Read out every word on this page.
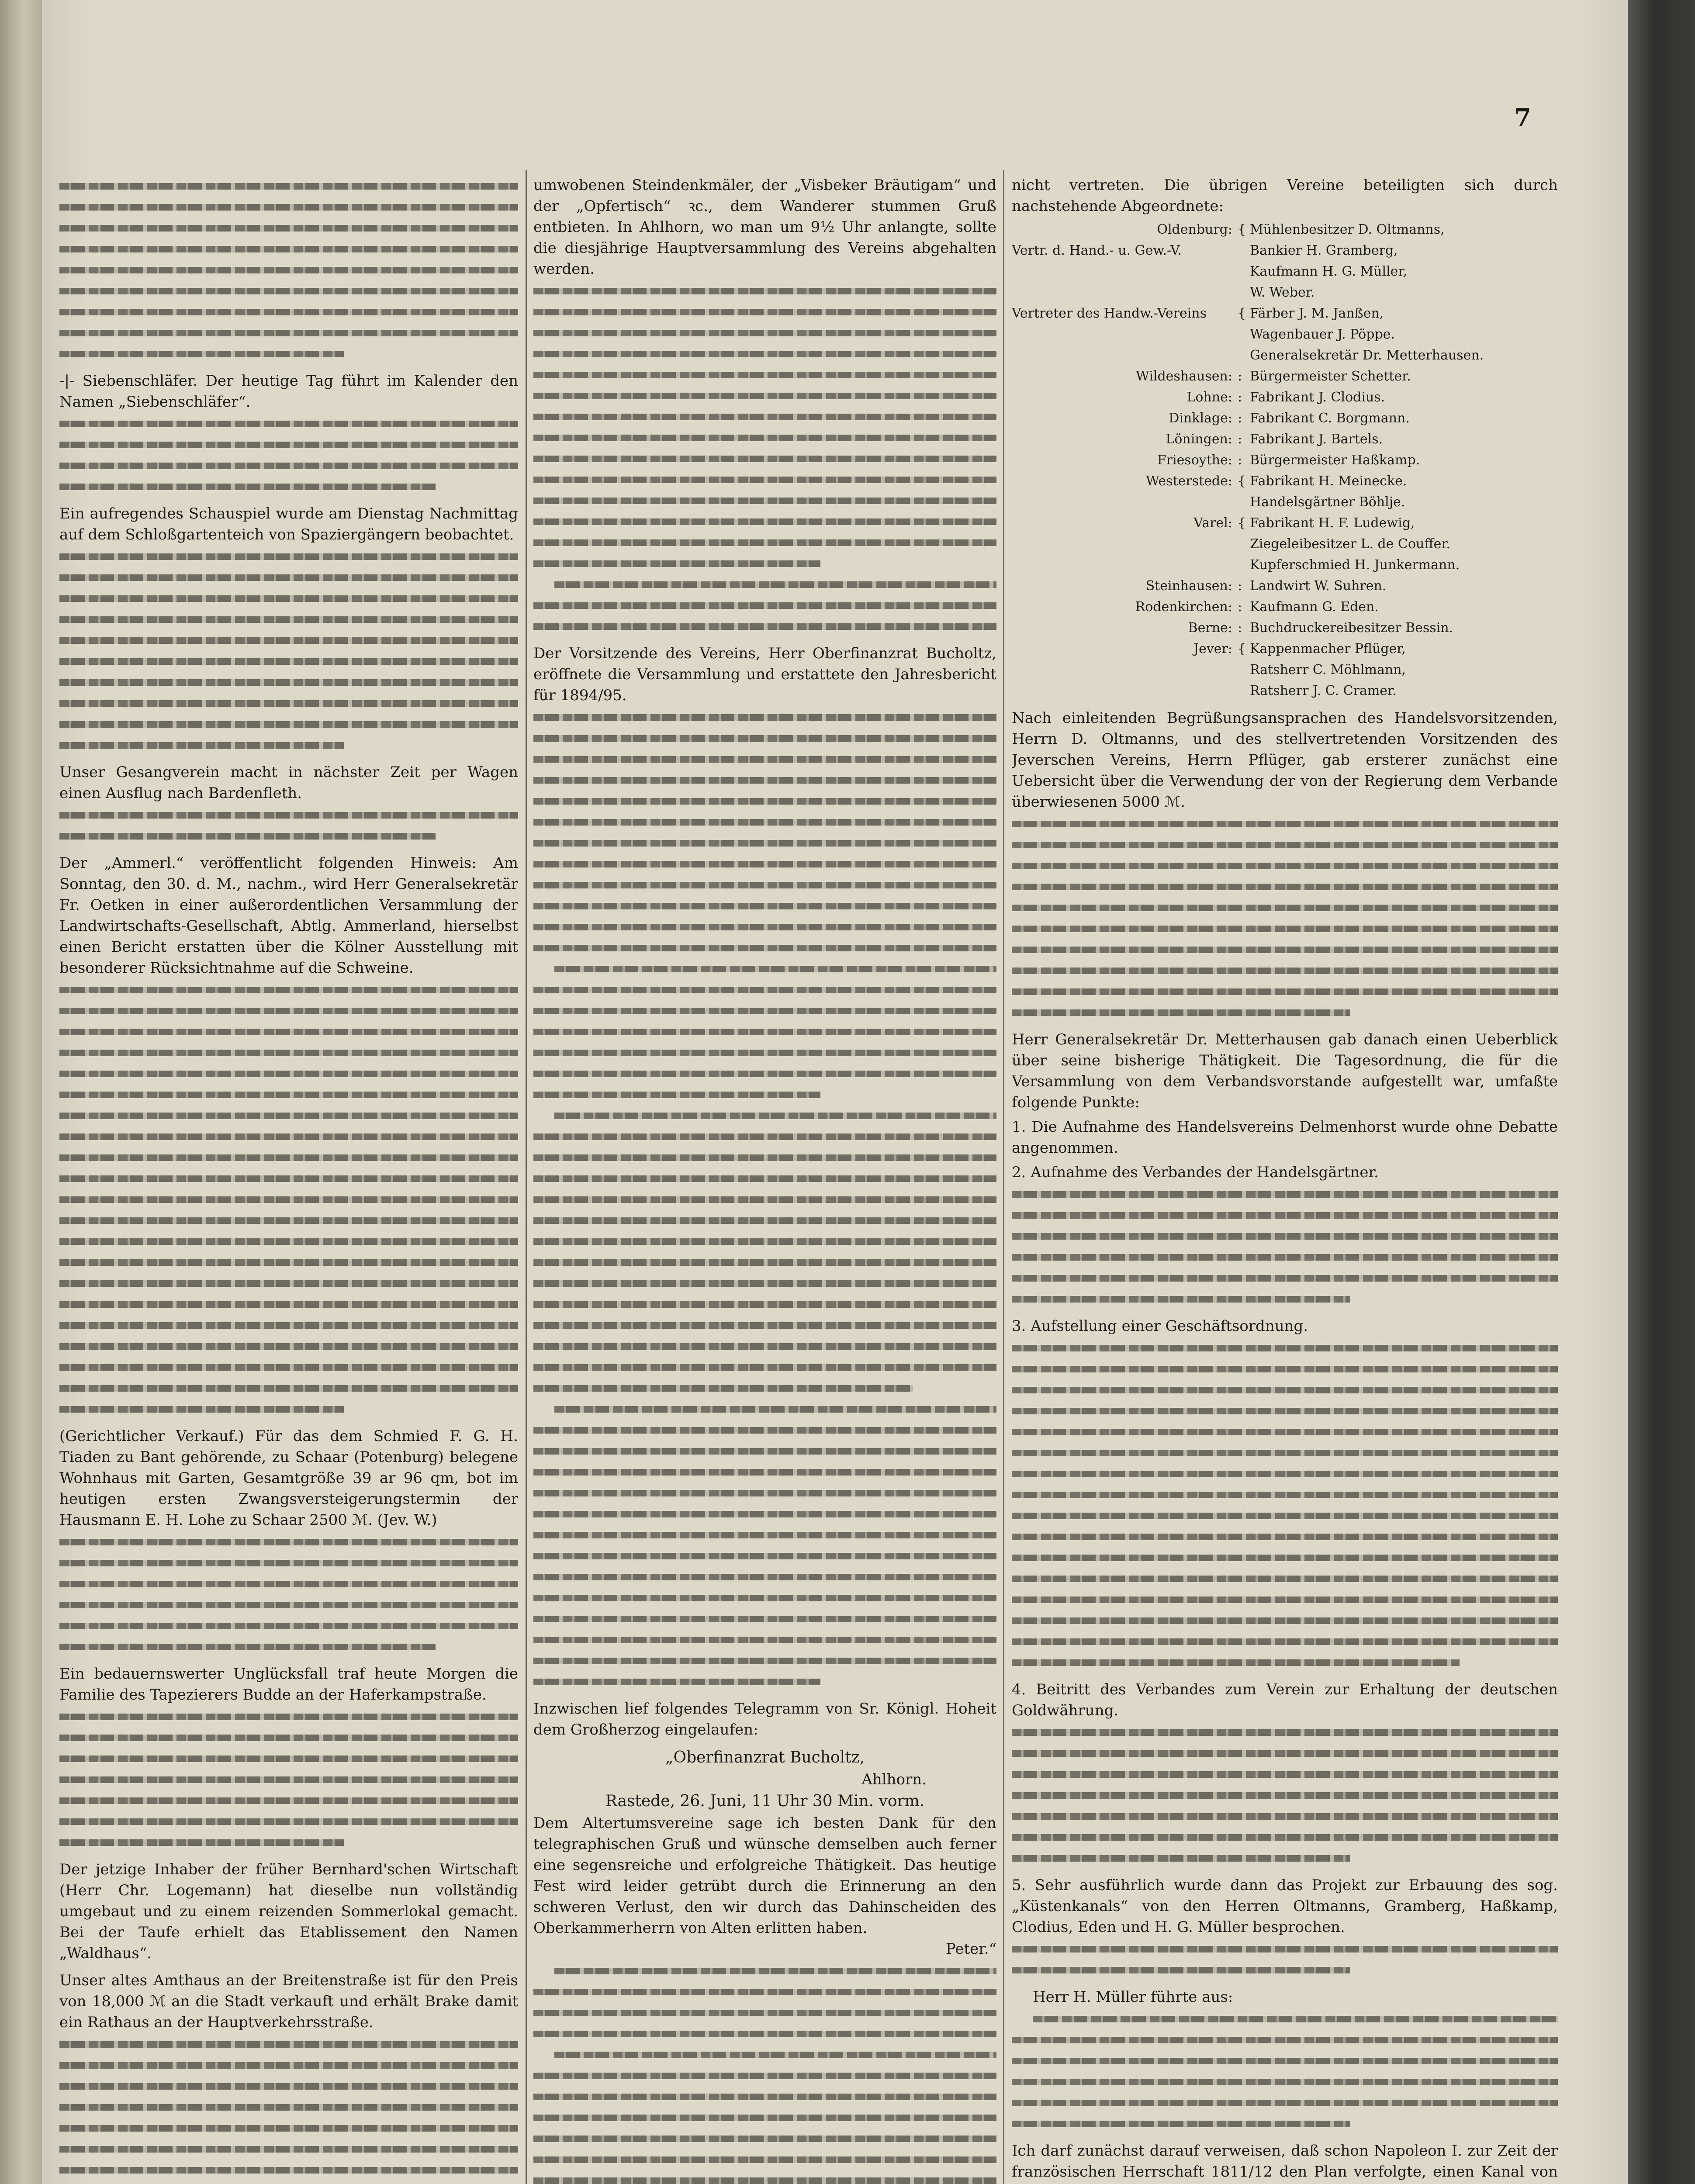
7

-|- Siebenschläfer. Der heutige Tag führt im Kalender den Namen „Siebenschläfer“.

Ein aufregendes Schauspiel wurde am Dienstag Nachmittag auf dem Schloßgartenteich von Spaziergängern beobachtet.

Unser Gesangverein macht in nächster Zeit per Wagen einen Ausflug nach Bardenfleth.

Der „Ammerl.“ veröffentlicht folgenden Hinweis: Am Sonntag, den 30. d. M., nachm., wird Herr Generalsekretär Fr. Oetken in einer außerordentlichen Versammlung der Landwirtschafts-Gesellschaft, Abtlg. Ammerland, hierselbst einen Bericht erstatten über die Kölner Ausstellung mit besonderer Rücksichtnahme auf die Schweine.

(Gerichtlicher Verkauf.) Für das dem Schmied F. G. H. Tiaden zu Bant gehörende, zu Schaar (Potenburg) belegene Wohnhaus mit Garten, Gesamtgröße 39 ar 96 qm, bot im heutigen ersten Zwangsversteigerungstermin der Hausmann E. H. Lohe zu Schaar 2500 ℳ. (Jev. W.)

Ein bedauernswerter Unglücksfall traf heute Morgen die Familie des Tapezierers Budde an der Haferkampstraße.

Der jetzige Inhaber der früher Bernhard'schen Wirtschaft (Herr Chr. Logemann) hat dieselbe nun vollständig umgebaut und zu einem reizenden Sommerlokal gemacht. Bei der Taufe erhielt das Etablissement den Namen „Waldhaus“.

Unser altes Amthaus an der Breitenstraße ist für den Preis von 18,000 ℳ an die Stadt verkauft und erhält Brake damit ein Rathaus an der Hauptverkehrsstraße.

umwobenen Steindenkmäler, der „Visbeker Bräutigam“ und der „Opfertisch“ ꝛc., dem Wanderer stummen Gruß entbieten. In Ahlhorn, wo man um 9½ Uhr anlangte, sollte die diesjährige Hauptversammlung des Vereins abgehalten werden.

Der Vorsitzende des Vereins, Herr Oberfinanzrat Bucholtz, eröffnete die Versammlung und erstattete den Jahresbericht für 1894/95.

Inzwischen lief folgendes Telegramm von Sr. Königl. Hoheit dem Großherzog eingelaufen:

„Oberfinanzrat Bucholtz,

Ahlhorn.

Rastede, 26. Juni, 11 Uhr 30 Min. vorm.

Dem Altertumsvereine sage ich besten Dank für den telegraphischen Gruß und wünsche demselben auch ferner eine segensreiche und erfolgreiche Thätigkeit. Das heutige Fest wird leider getrübt durch die Erinnerung an den schweren Verlust, den wir durch das Dahinscheiden des Oberkammerherrn von Alten erlitten haben.

Peter.“

nicht vertreten. Die übrigen Vereine beteiligten sich durch nachstehende Abgeordnete:

Oldenburg: { Mühlenbesitzer D. Oltmanns,
Bankier H. Gramberg,
Kaufmann H. G. Müller,
W. Weber.
Vertr. d. Hand.- u. Gew.-V.
Vertreter des Handw.-Vereins	{ Färber J. M. Janßen,
Wagenbauer J. Pöppe.
Generalsekretär Dr. Metterhausen.
Wildeshausen: : Bürgermeister Schetter.
Lohne: : Fabrikant J. Clodius.
Dinklage: : Fabrikant C. Borgmann.
Löningen: : Fabrikant J. Bartels.
Friesoythe: : Bürgermeister Haßkamp.
Westerstede: { Fabrikant H. Meinecke.
Handelsgärtner Böhlje.
Varel: { Fabrikant H. F. Ludewig,
Ziegeleibesitzer L. de Couffer.
Kupferschmied H. Junkermann.
Steinhausen: : Landwirt W. Suhren.
Rodenkirchen: : Kaufmann G. Eden.
Berne: : Buchdruckereibesitzer Bessin.
Jever: { Kappenmacher Pflüger,
Ratsherr C. Möhlmann,
Ratsherr J. C. Cramer.

Nach einleitenden Begrüßungsansprachen des Handelsvorsitzenden, Herrn D. Oltmanns, und des stellvertretenden Vorsitzenden des Jeverschen Vereins, Herrn Pflüger, gab ersterer zunächst eine Uebersicht über die Verwendung der von der Regierung dem Verbande überwiesenen 5000 ℳ.

Herr Generalsekretär Dr. Metterhausen gab danach einen Ueberblick über seine bisherige Thätigkeit. Die Tagesordnung, die für die Versammlung von dem Verbandsvorstande aufgestellt war, umfaßte folgende Punkte:

1. Die Aufnahme des Handelsvereins Delmenhorst wurde ohne Debatte angenommen.

2. Aufnahme des Verbandes der Handelsgärtner.

3. Aufstellung einer Geschäftsordnung.

4. Beitritt des Verbandes zum Verein zur Erhaltung der deutschen Goldwährung.

5. Sehr ausführlich wurde dann das Projekt zur Erbauung des sog. „Küstenkanals“ von den Herren Oltmanns, Gramberg, Haßkamp, Clodius, Eden und H. G. Müller besprochen.

Herr H. Müller führte aus:

Ich darf zunächst darauf verweisen, daß schon Napoleon I. zur Zeit der französischen Herrschaft 1811/12 den Plan verfolgte, einen Kanal von
